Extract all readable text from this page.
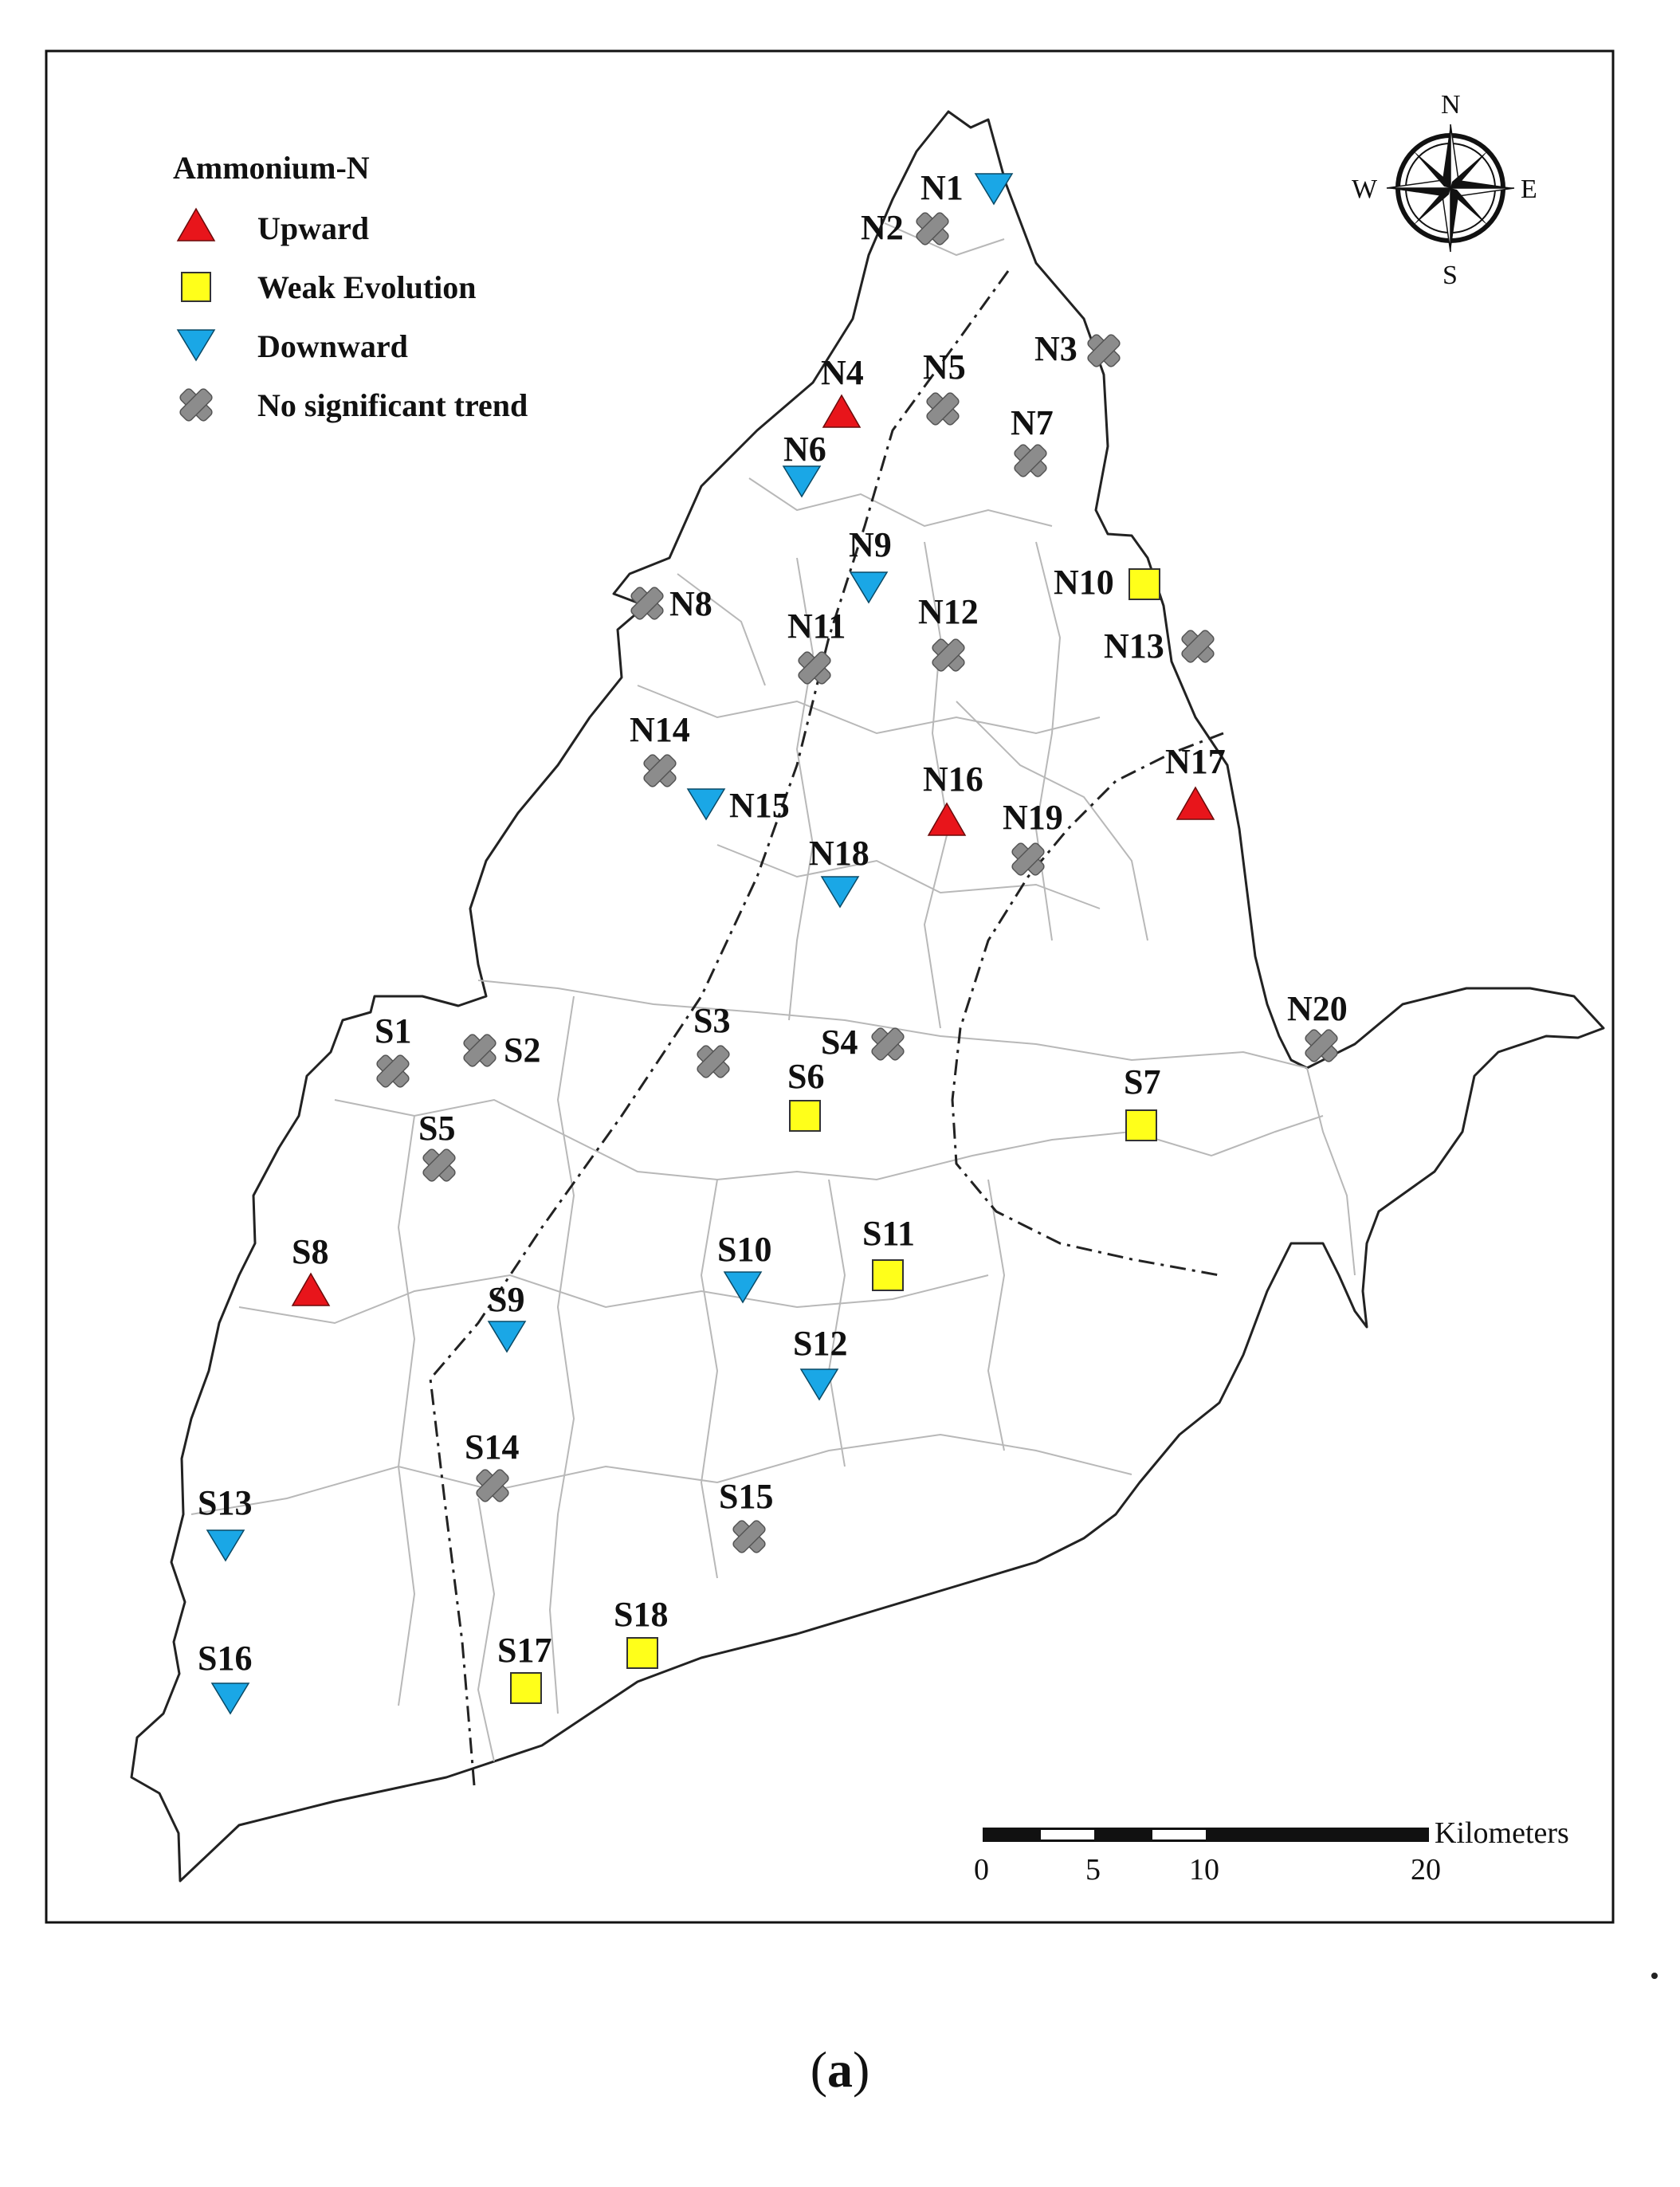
Ammonium-N
Upward
Weak Evolution
Downward
No significant trend
N
S
E
W
Kilometers
0	5	10	20
N1
N2
N3
N4 N5
N6
N7
N8
N9
N10
N11 N12
N13
N14
N15
N16	N17
N18
N19
N20
S1	S2
S3
S4
S5
S6	S7
S8
S9
S10	S11
S12
S13
S14
S15
S16	S17
S18
(a)
